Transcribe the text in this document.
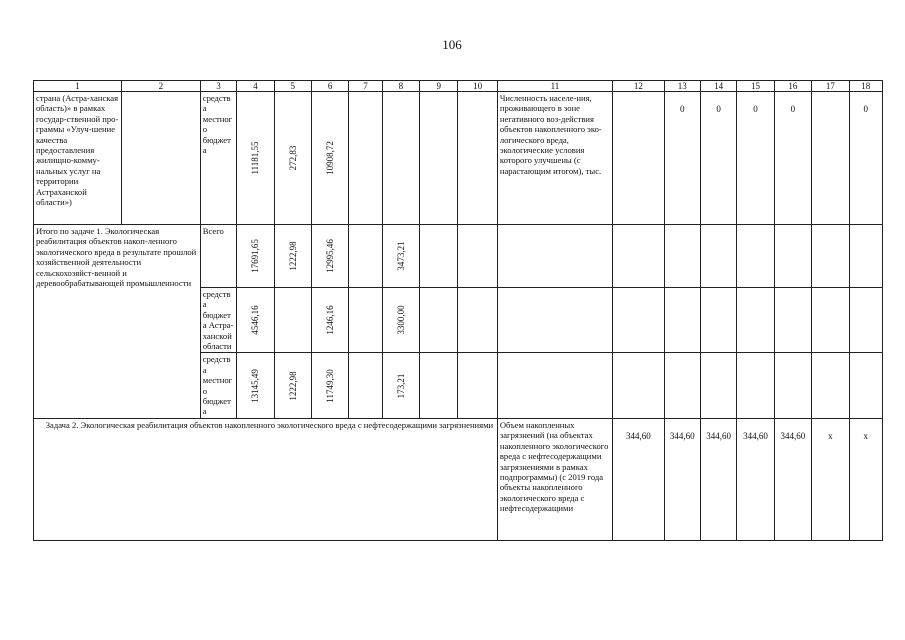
106
1	2	3	4	5	6	7	8	9	10	11	12	13	14	15	16	17	18
страна (Астра-ханская область)» в рамках государ-ственной про-граммы «Улуч-шение качества предоставления жилищно-комму-нальных услуг на территории Астраханской области»)		средства местного бюджета	11181,55	272,83	10908,72					Численность населе-ния, проживающего в зоне негативного воз-действия объектов накопленного эко-логического вреда, экологические условия которого улучшены (с нарастающим итогом), тыс.		0	0	0	0		0
Итого по задаче 1. Экологическая реабилитация объектов накоп-ленного экологического вреда в результате прошлой хозяйственной деятельности сельскохозяйст-венной и деревообрабатывающей промышленности		Всего	17691,65	1222,98	12995,46		3473,21										

		средства бюджета Астра-ханской области	4546,16		1246,16		3300,00										

		средства местного бюджета	13145,49	1222,98	11749,30		173,21										

Задача 2. Экологическая реабилитация объектов накопленного экологического вреда с нефтесодержащими загрязнениями										Объем накопленных загрязнений (на объектах накопленного экологического вреда с нефтесодержащими загрязнениями в рамках подпрограммы) (с 2019 года объекты накопленного экологического вреда с нефтесодержащими	344,60	344,60	344,60	344,60	344,60	x	x
